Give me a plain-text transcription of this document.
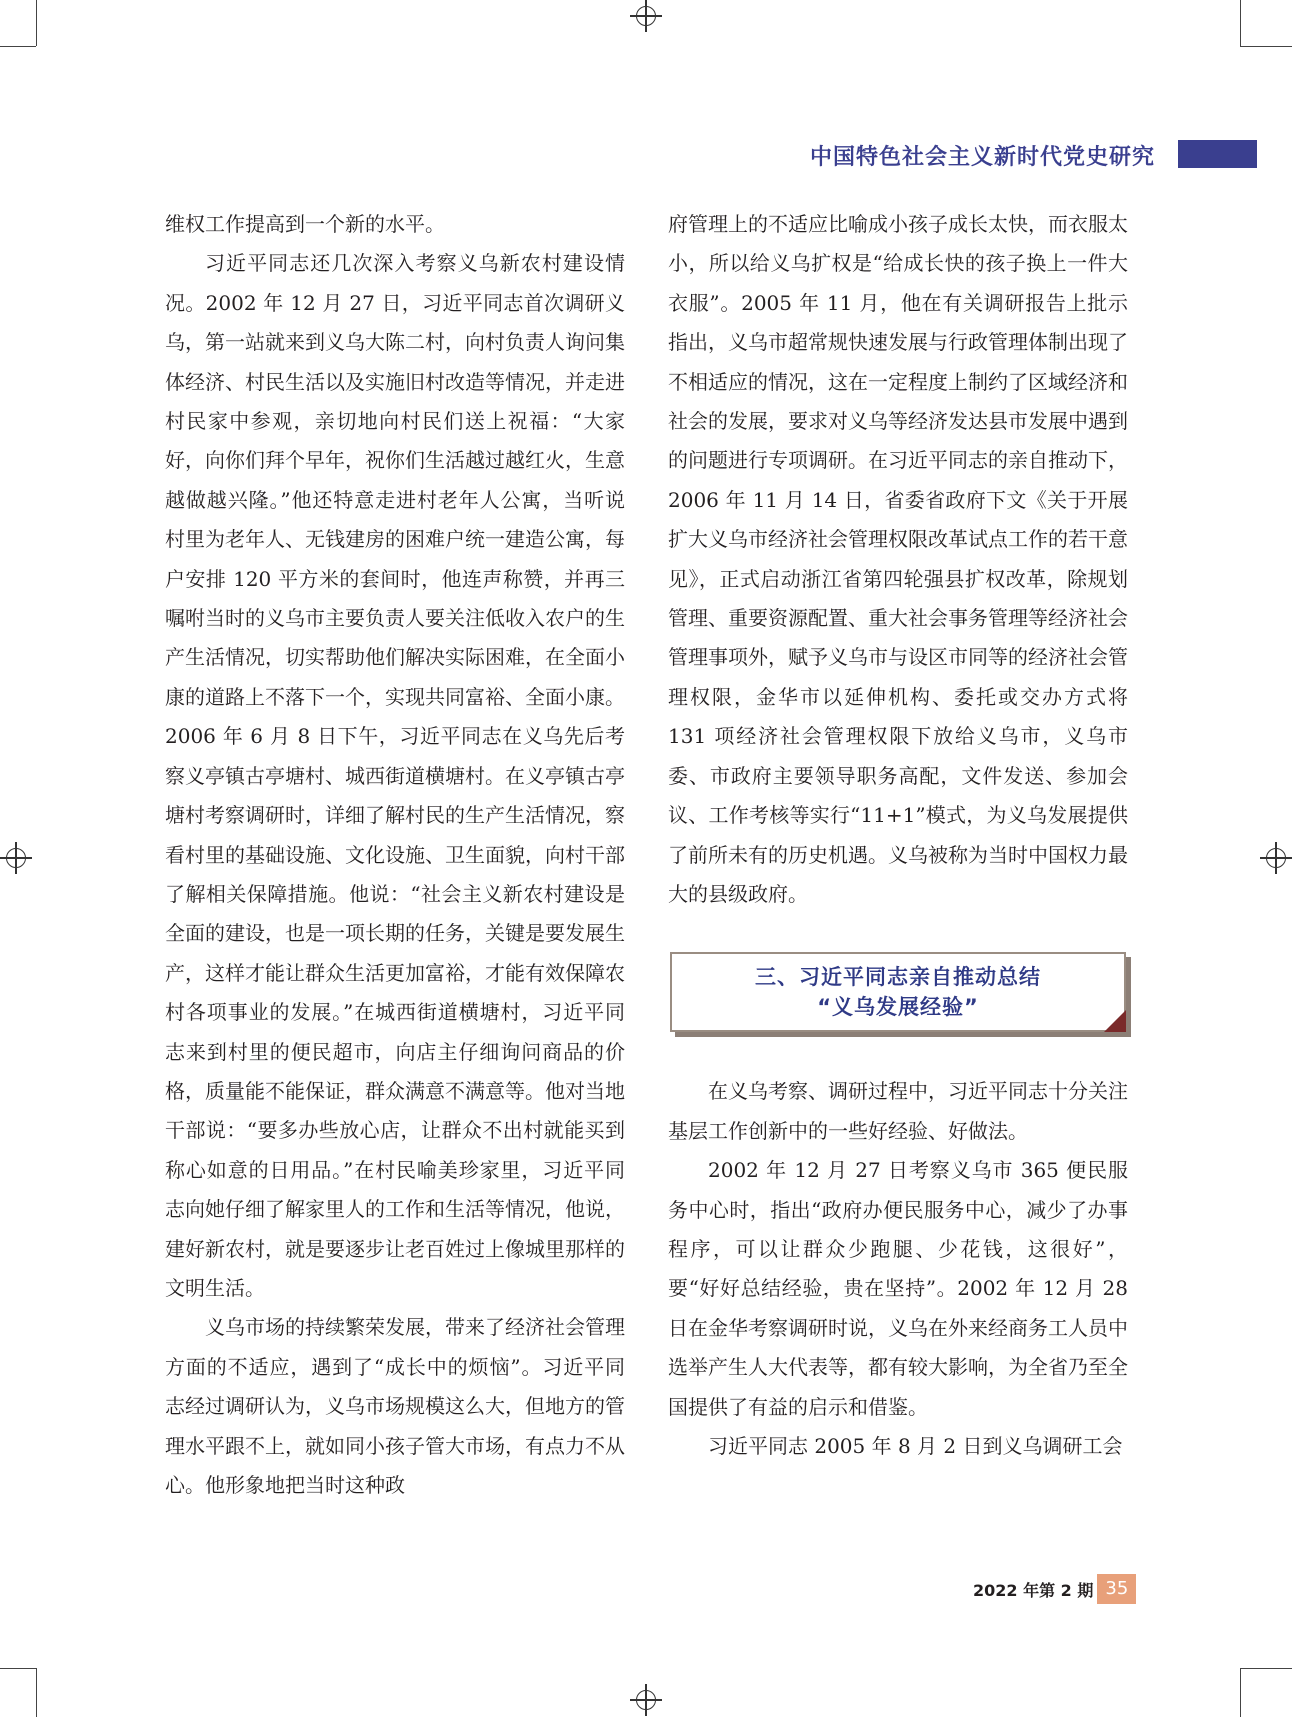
中国特色社会主义新时代党史研究

维权工作提高到一个新的水平。

习近平同志还几次深入考察义乌新农村建设情况。2002 年 12 月 27 日，习近平同志首次调研义乌，第一站就来到义乌大陈二村，向村负责人询问集体经济、村民生活以及实施旧村改造等情况，并走进村民家中参观，亲切地向村民们送上祝福：“大家好，向你们拜个早年，祝你们生活越过越红火，生意越做越兴隆。”他还特意走进村老年人公寓，当听说村里为老年人、无钱建房的困难户统一建造公寓，每户安排 120 平方米的套间时，他连声称赞，并再三嘱咐当时的义乌市主要负责人要关注低收入农户的生产生活情况，切实帮助他们解决实际困难，在全面小康的道路上不落下一个，实现共同富裕、全面小康。2006 年 6 月 8 日下午，习近平同志在义乌先后考察义亭镇古亭塘村、城西街道横塘村。在义亭镇古亭塘村考察调研时，详细了解村民的生产生活情况，察看村里的基础设施、文化设施、卫生面貌，向村干部了解相关保障措施。他说：“社会主义新农村建设是全面的建设，也是一项长期的任务，关键是要发展生产，这样才能让群众生活更加富裕，才能有效保障农村各项事业的发展。”在城西街道横塘村，习近平同志来到村里的便民超市，向店主仔细询问商品的价格，质量能不能保证，群众满意不满意等。他对当地干部说：“要多办些放心店，让群众不出村就能买到称心如意的日用品。”在村民喻美珍家里，习近平同志向她仔细了解家里人的工作和生活等情况，他说，建好新农村，就是要逐步让老百姓过上像城里那样的文明生活。

义乌市场的持续繁荣发展，带来了经济社会管理方面的不适应，遇到了“成长中的烦恼”。习近平同志经过调研认为，义乌市场规模这么大，但地方的管理水平跟不上，就如同小孩子管大市场，有点力不从心。他形象地把当时这种政

府管理上的不适应比喻成小孩子成长太快，而衣服太小，所以给义乌扩权是“给成长快的孩子换上一件大衣服”。2005 年 11 月，他在有关调研报告上批示指出，义乌市超常规快速发展与行政管理体制出现了不相适应的情况，这在一定程度上制约了区域经济和社会的发展，要求对义乌等经济发达县市发展中遇到的问题进行专项调研。在习近平同志的亲自推动下，2006 年 11 月 14 日，省委省政府下文《关于开展扩大义乌市经济社会管理权限改革试点工作的若干意见》，正式启动浙江省第四轮强县扩权改革，除规划管理、重要资源配置、重大社会事务管理等经济社会管理事项外，赋予义乌市与设区市同等的经济社会管理权限，金华市以延伸机构、委托或交办方式将 131 项经济社会管理权限下放给义乌市，义乌市委、市政府主要领导职务高配，文件发送、参加会议、工作考核等实行“11+1”模式，为义乌发展提供了前所未有的历史机遇。义乌被称为当时中国权力最大的县级政府。

三、习近平同志亲自推动总结
“义乌发展经验”

在义乌考察、调研过程中，习近平同志十分关注基层工作创新中的一些好经验、好做法。

2002 年 12 月 27 日考察义乌市 365 便民服务中心时，指出“政府办便民服务中心，减少了办事程序，可以让群众少跑腿、少花钱，这很好”，要“好好总结经验，贵在坚持”。2002 年 12 月 28 日在金华考察调研时说，义乌在外来经商务工人员中选举产生人大代表等，都有较大影响，为全省乃至全国提供了有益的启示和借鉴。

习近平同志 2005 年 8 月 2 日到义乌调研工会

2022 年第 2 期 35
